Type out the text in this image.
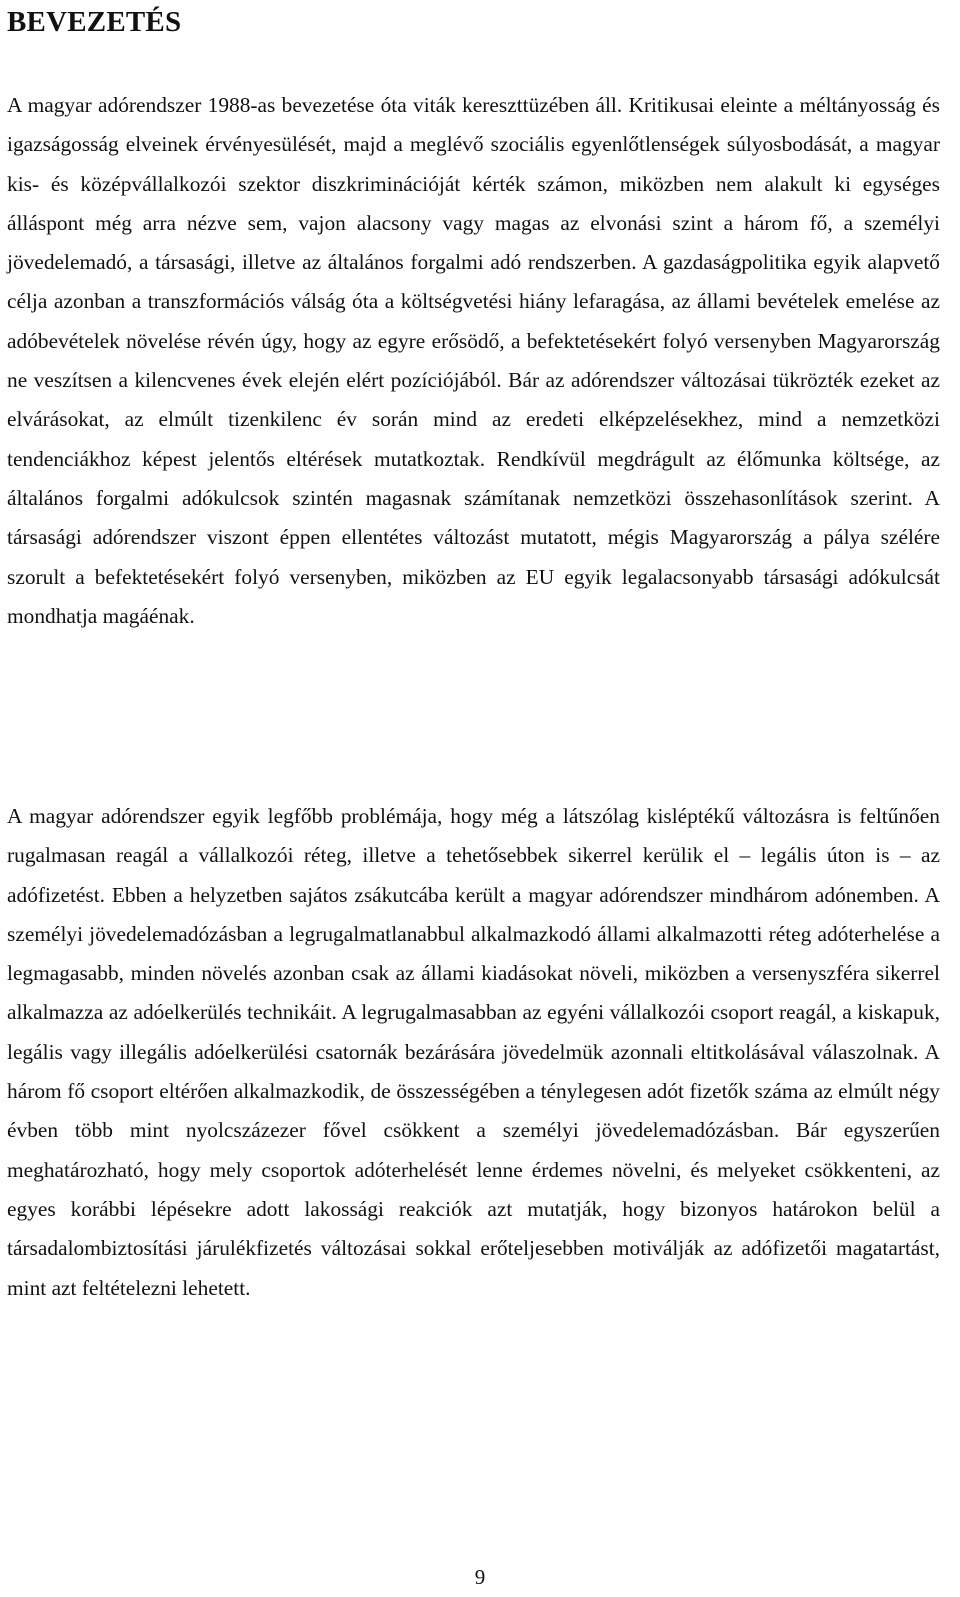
BEVEZETÉS

A magyar adórendszer 1988-as bevezetése óta viták kereszttüzében áll. Kritikusai eleinte a méltányosság és igazságosság elveinek érvényesülését, majd a meglévő szociális egyenlőtlenségek súlyosbodását, a magyar kis- és középvállalkozói szektor diszkriminációját kérték számon, miközben nem alakult ki egységes álláspont még arra nézve sem, vajon alacsony vagy magas az elvonási szint a három fő, a személyi jövedelemadó, a társasági, illetve az általános forgalmi adó rendszerben. A gazdaságpolitika egyik alapvető célja azonban a transzformációs válság óta a költségvetési hiány lefaragása, az állami bevételek emelése az adóbevételek növelése révén úgy, hogy az egyre erősödő, a befektetésekért folyó versenyben Magyarország ne veszítsen a kilencvenes évek elején elért pozíciójából. Bár az adórendszer változásai tükrözték ezeket az elvárásokat, az elmúlt tizenkilenc év során mind az eredeti elképzelésekhez, mind a nemzetközi tendenciákhoz képest jelentős eltérések mutatkoztak. Rendkívül megdrágult az élőmunka költsége, az általános forgalmi adókulcsok szintén magasnak számítanak nemzetközi összehasonlítások szerint. A társasági adórendszer viszont éppen ellentétes változást mutatott, mégis Magyarország a pálya szélére szorult a befektetésekért folyó versenyben, miközben az EU egyik legalacsonyabb társasági adókulcsát mondhatja magáénak.

A magyar adórendszer egyik legfőbb problémája, hogy még a látszólag kisléptékű változásra is feltűnően rugalmasan reagál a vállalkozói réteg, illetve a tehetősebbek sikerrel kerülik el – legális úton is – az adófizetést. Ebben a helyzetben sajátos zsákutcába került a magyar adórendszer mindhárom adónemben. A személyi jövedelemadózásban a legrugalmatlanabbul alkalmazkodó állami alkalmazotti réteg adóterhelése a legmagasabb, minden növelés azonban csak az állami kiadásokat növeli, miközben a versenyszféra sikerrel alkalmazza az adóelkerülés technikáit. A legrugalmasabban az egyéni vállalkozói csoport reagál, a kiskapuk, legális vagy illegális adóelkerülési csatornák bezárására jövedelmük azonnali eltitkolásával válaszolnak. A három fő csoport eltérően alkalmazkodik, de összességében a ténylegesen adót fizetők száma az elmúlt négy évben több mint nyolcszázezer fővel csökkent a személyi jövedelemadózásban. Bár egyszerűen meghatározható, hogy mely csoportok adóterhelését lenne érdemes növelni, és melyeket csökkenteni, az egyes korábbi lépésekre adott lakossági reakciók azt mutatják, hogy bizonyos határokon belül a társadalombiztosítási járulékfizetés változásai sokkal erőteljesebben motiválják az adófizetői magatartást, mint azt feltételezni lehetett.

9
